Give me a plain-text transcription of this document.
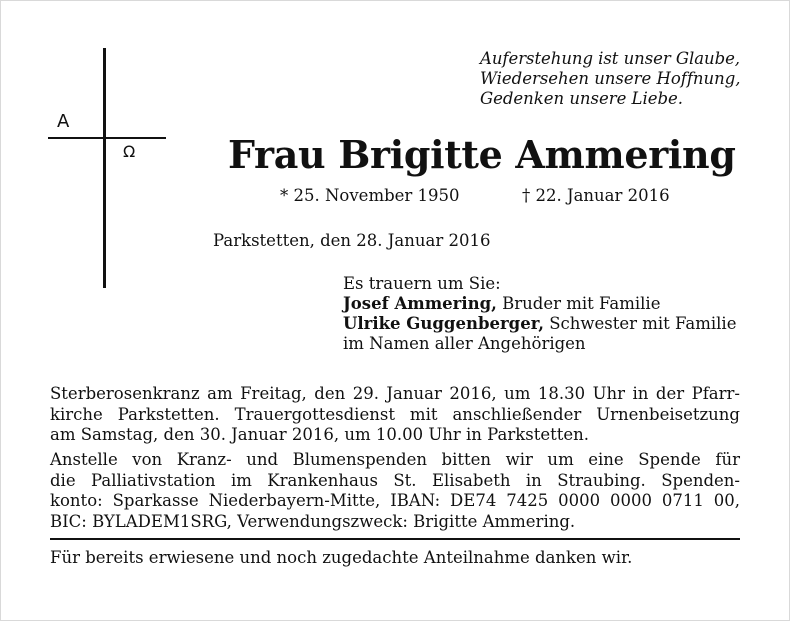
A
Ω
Auferstehung ist unser Glaube,
Wiedersehen unsere Hoffnung,
Gedenken unsere Liebe.
Frau Brigitte Ammering
* 25. November 1950	† 22. Januar 2016
Parkstetten, den 28. Januar 2016
Es trauern um Sie:
Josef Ammering, Bruder mit Familie
Ulrike Guggenberger, Schwester mit Familie
im Namen aller Angehörigen
Sterberosenkranz am Freitag, den 29. Januar 2016, um 18.30 Uhr in der Pfarr-
kirche Parkstetten. Trauergottesdienst mit anschließender Urnenbeisetzung
am Samstag, den 30. Januar 2016, um 10.00 Uhr in Parkstetten.
Anstelle von Kranz- und Blumenspenden bitten wir um eine Spende für
die Palliativstation im Krankenhaus St. Elisabeth in Straubing. Spenden-
konto: Sparkasse Niederbayern-Mitte, IBAN: DE74 7425 0000 0000 0711 00,
BIC: BYLADEM1SRG, Verwendungszweck: Brigitte Ammering.
Für bereits erwiesene und noch zugedachte Anteilnahme danken wir.
